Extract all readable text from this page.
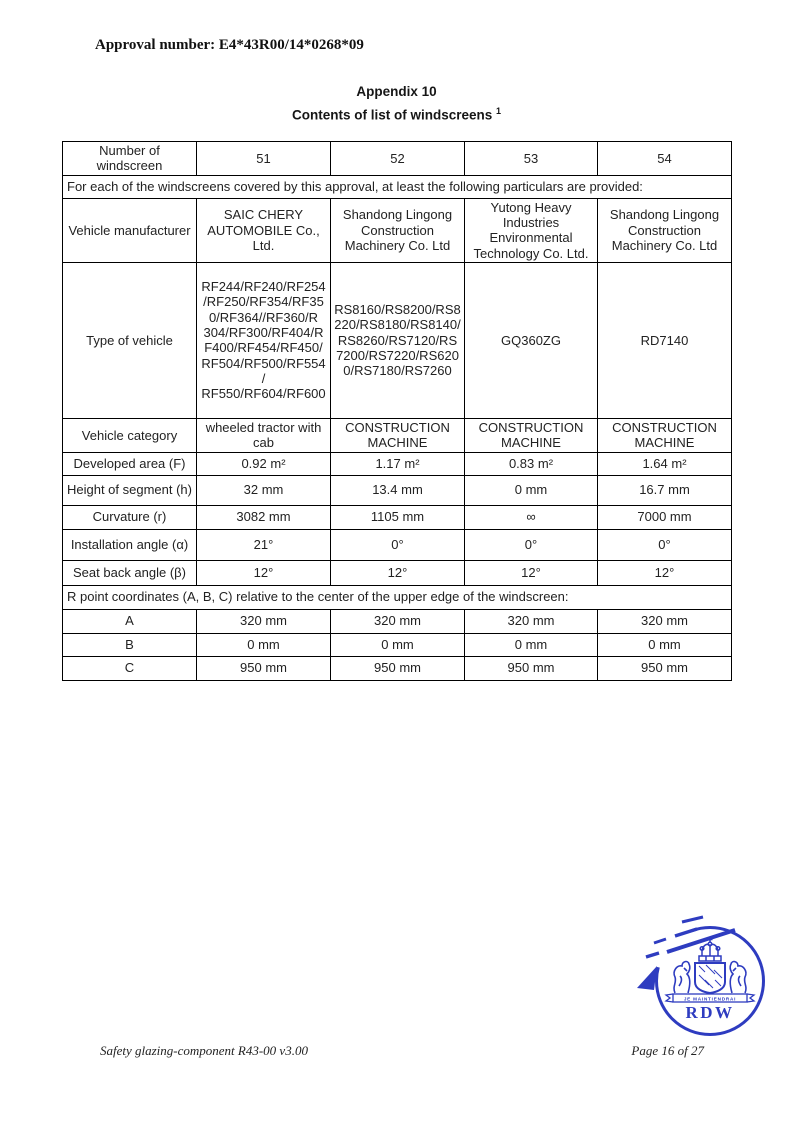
Approval number: E4*43R00/14*0268*09
Appendix 10
Contents of list of windscreens $^1$
Number of windscreen	51	52	53	54
For each of the windscreens covered by this approval, at least the following particulars are provided:				
Vehicle manufacturer	SAIC CHERY AUTOMOBILE Co., Ltd.	Shandong Lingong Construction Machinery Co. Ltd	Yutong Heavy Industries Environmental Technology Co. Ltd.	Shandong Lingong Construction Machinery Co. Ltd
Type of vehicle	RF244/RF240/RF254/RF250/RF354/RF350/RF364//RF360/R 304/RF300/RF404/RF400/RF454/RF450/RF504/RF500/RF554/ RF550/RF604/RF600	RS8160/RS8200/RS8220/RS8180/RS8140/RS8260/RS7120/RS 7200/RS7220/RS6200/RS7180/RS7260	GQ360ZG	RD7140
Vehicle category	wheeled tractor with cab	CONSTRUCTION MACHINE	CONSTRUCTION MACHINE	CONSTRUCTION MACHINE
Developed area (F)	0.92 m²	1.17 m²	0.83 m²	1.64 m²
Height of segment (h)	32 mm	13.4 mm	0 mm	16.7 mm
Curvature (r)	3082 mm	1105 mm	∞	7000 mm
Installation angle (α)	21°	0°	0°	0°
Seat back angle (β)	12°	12°	12°	12°
R point coordinates (A, B, C) relative to the center of the upper edge of the windscreen:				
A	320 mm	320 mm	320 mm	320 mm
B	0 mm	0 mm	0 mm	0 mm
C	950 mm	950 mm	950 mm	950 mm
JE MAINTIENDRAI
RDW
Safety glazing-component R43-00 v3.00	Page 16 of 27
